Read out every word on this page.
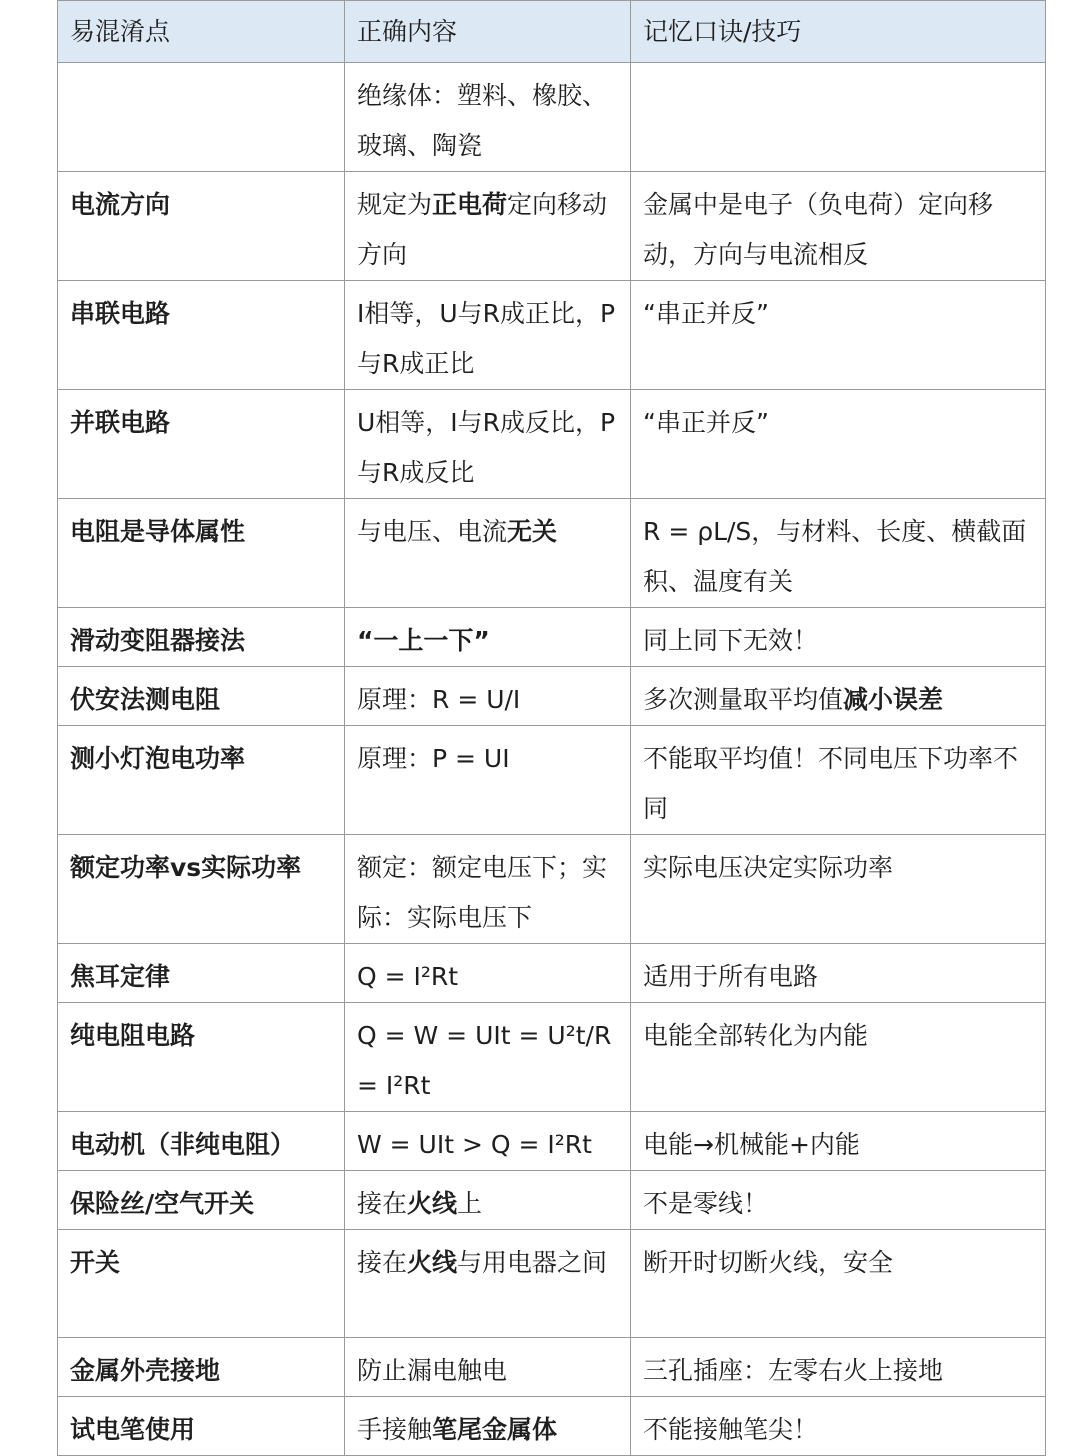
易混淆点	正确内容	记忆口诀/技巧
	绝缘体：塑料、橡胶、玻璃、陶瓷	
电流方向	规定为正电荷定向移动方向	金属中是电子（负电荷）定向移动，方向与电流相反
串联电路	I相等，U与R成正比，P与R成正比	“串正并反”
并联电路	U相等，I与R成反比，P与R成反比	“串正并反”
电阻是导体属性	与电压、电流无关	R = ρL/S，与材料、长度、横截面积、温度有关
滑动变阻器接法	“一上一下”	同上同下无效！
伏安法测电阻	原理：R = U/I	多次测量取平均值减小误差
测小灯泡电功率	原理：P = UI	不能取平均值！不同电压下功率不同
额定功率vs实际功率	额定：额定电压下；实际：实际电压下	实际电压决定实际功率
焦耳定律	Q = I²Rt	适用于所有电路
纯电阻电路	Q = W = UIt = U²t/R = I²Rt	电能全部转化为内能
电动机（非纯电阻）	W = UIt > Q = I²Rt	电能→机械能+内能
保险丝/空气开关	接在火线上	不是零线！
开关	接在火线与用电器之间	断开时切断火线，安全
金属外壳接地	防止漏电触电	三孔插座：左零右火上接地
试电笔使用	手接触笔尾金属体	不能接触笔尖！
